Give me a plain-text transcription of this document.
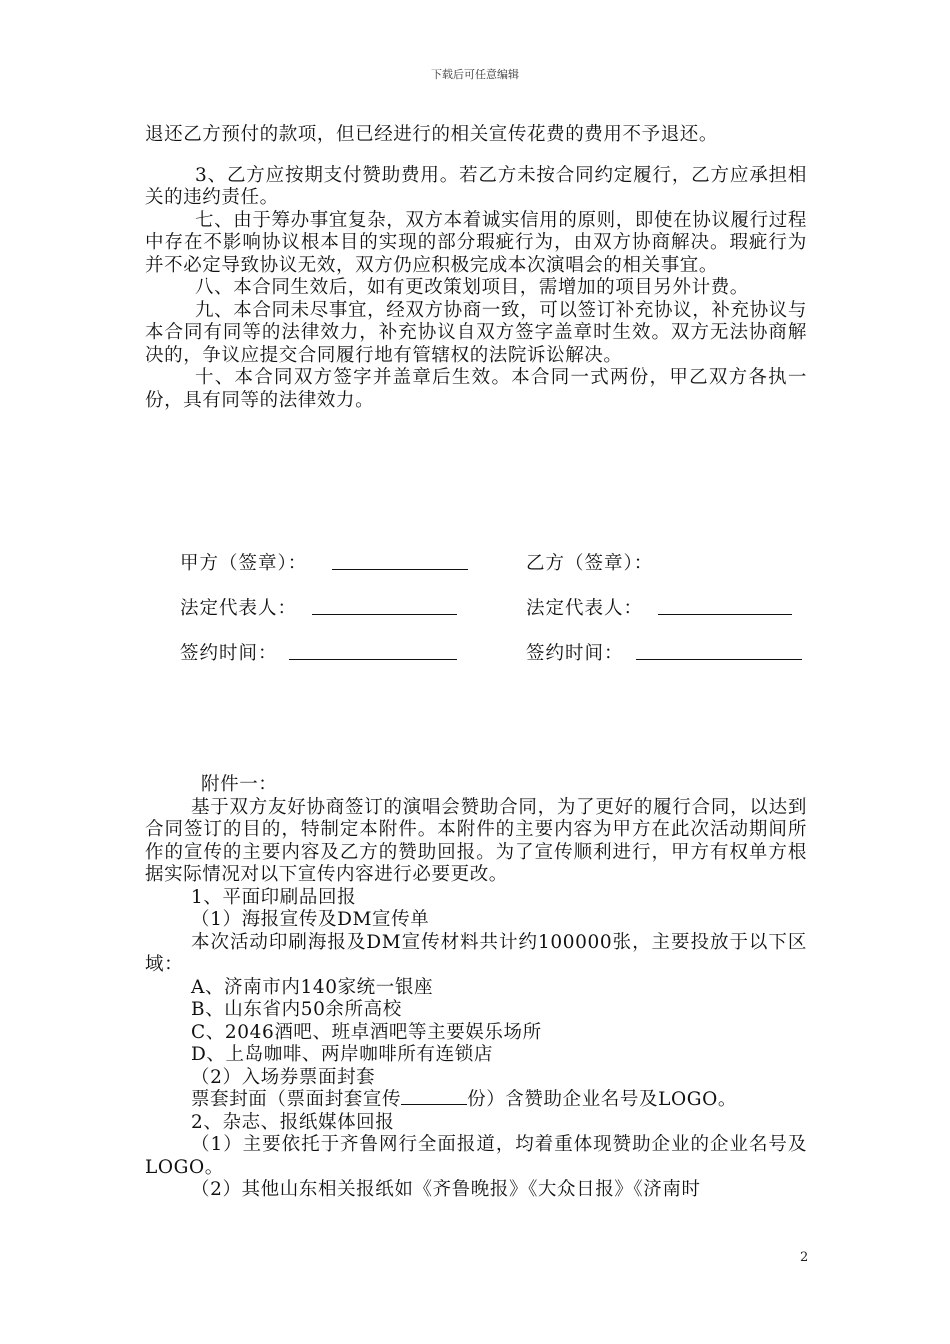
下载后可任意编辑

退还乙方预付的款项，但已经进行的相关宣传花费的费用不予退还。

3、乙方应按期支付赞助费用。若乙方未按合同约定履行，乙方应承担相关的违约责任。

七、由于筹办事宜复杂，双方本着诚实信用的原则，即使在协议履行过程中存在不影响协议根本目的实现的部分瑕疵行为，由双方协商解决。瑕疵行为并不必定导致协议无效，双方仍应积极完成本次演唱会的相关事宜。

八、本合同生效后，如有更改策划项目，需增加的项目另外计费。

九、本合同未尽事宜，经双方协商一致，可以签订补充协议，补充协议与本合同有同等的法律效力，补充协议自双方签字盖章时生效。双方无法协商解决的，争议应提交合同履行地有管辖权的法院诉讼解决。

十、本合同双方签字并盖章后生效。本合同一式两份，甲乙双方各执一份，具有同等的法律效力。

甲方（签章）：	乙方（签章）：
法定代表人：	法定代表人：
签约时间：	签约时间：

附件一：

基于双方友好协商签订的演唱会赞助合同，为了更好的履行合同，以达到合同签订的目的，特制定本附件。本附件的主要内容为甲方在此次活动期间所作的宣传的主要内容及乙方的赞助回报。为了宣传顺利进行，甲方有权单方根据实际情况对以下宣传内容进行必要更改。

1、平面印刷品回报

（1）海报宣传及DM宣传单

本次活动印刷海报及DM宣传材料共计约100000张，主要投放于以下区域：

A、济南市内140家统一银座

B、山东省内50余所高校

C、2046酒吧、班卓酒吧等主要娱乐场所

D、上岛咖啡、两岸咖啡所有连锁店

（2）入场券票面封套

票套封面（票面封套宣传	份）含赞助企业名号及LOGO。

2、杂志、报纸媒体回报

（1）主要依托于齐鲁网行全面报道，均着重体现赞助企业的企业名号及LOGO。

（2）其他山东相关报纸如《齐鲁晚报》《大众日报》《济南时

2
